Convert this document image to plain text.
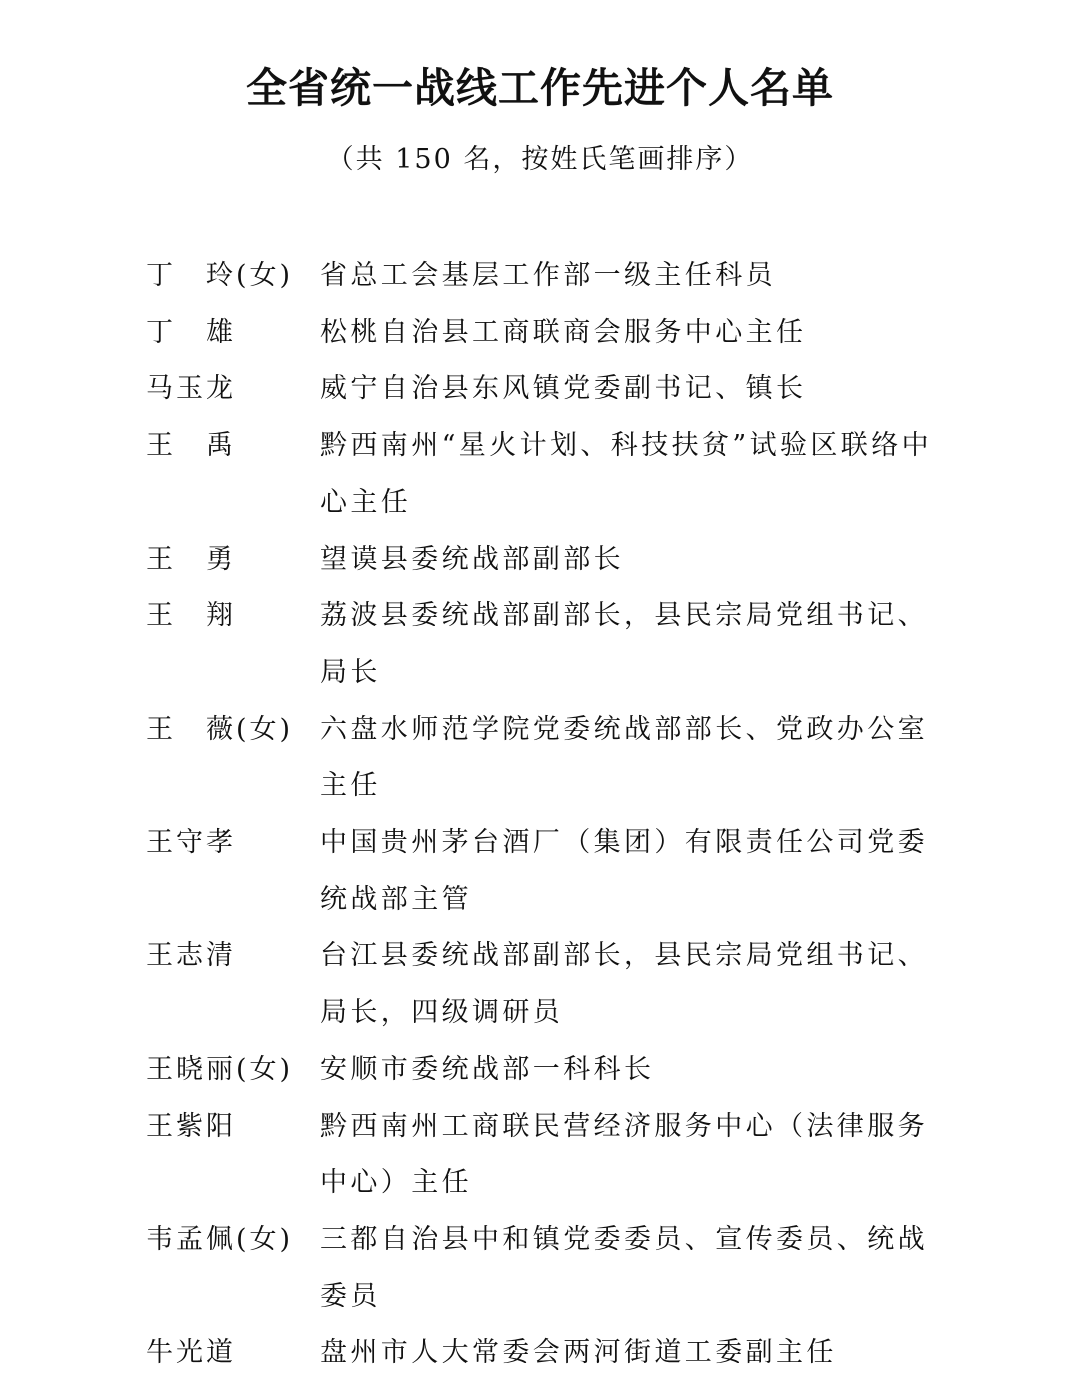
全省统一战线工作先进个人名单
（共 150 名，按姓氏笔画排序）
丁　玲(女) 省总工会基层工作部一级主任科员
丁　雄	松桃自治县工商联商会服务中心主任
马玉龙	威宁自治县东风镇党委副书记、镇长
王　禹	黔西南州“星火计划、科技扶贫”试验区联络中心主任
王　勇	望谟县委统战部副部长
王　翔	荔波县委统战部副部长，县民宗局党组书记、局长
王　薇(女) 六盘水师范学院党委统战部部长、党政办公室主任
王守孝	中国贵州茅台酒厂（集团）有限责任公司党委统战部主管
王志清	台江县委统战部副部长，县民宗局党组书记、局长，四级调研员
王晓丽(女) 安顺市委统战部一科科长
王紫阳	黔西南州工商联民营经济服务中心（法律服务中心）主任
韦孟佩(女) 三都自治县中和镇党委委员、宣传委员、统战委员
牛光道	盘州市人大常委会两河街道工委副主任
